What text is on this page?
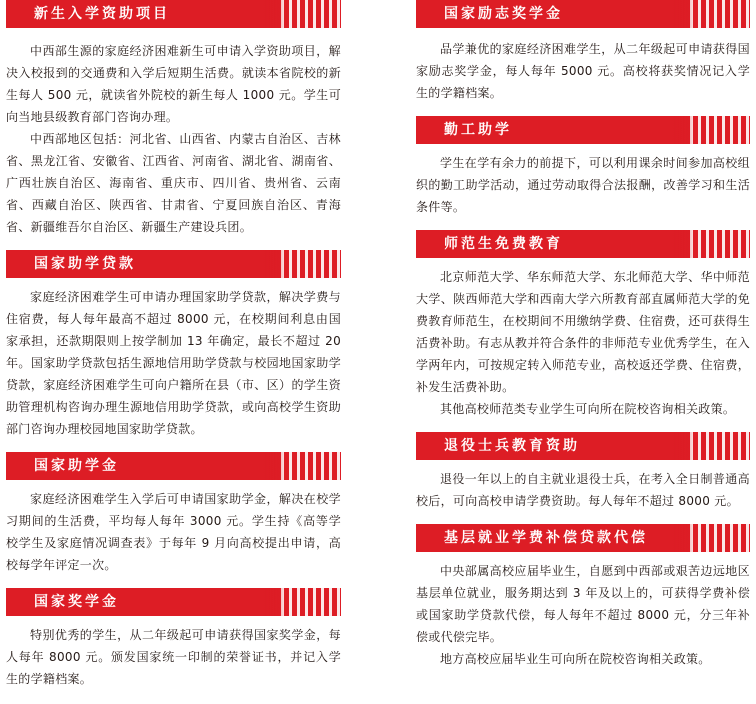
新生入学资助项目

中西部生源的家庭经济困难新生可申请入学资助项目，解决入校报到的交通费和入学后短期生活费。就读本省院校的新生每人 500 元，就读省外院校的新生每人 1000 元。学生可向当地县级教育部门咨询办理。

中西部地区包括：河北省、山西省、内蒙古自治区、吉林省、黑龙江省、安徽省、江西省、河南省、湖北省、湖南省、广西壮族自治区、海南省、重庆市、四川省、贵州省、云南省、西藏自治区、陕西省、甘肃省、宁夏回族自治区、青海省、新疆维吾尔自治区、新疆生产建设兵团。

国家助学贷款

家庭经济困难学生可申请办理国家助学贷款，解决学费与住宿费，每人每年最高不超过 8000 元，在校期间利息由国家承担，还款期限则上按学制加 13 年确定，最长不超过 20 年。国家助学贷款包括生源地信用助学贷款与校园地国家助学贷款，家庭经济困难学生可向户籍所在县（市、区）的学生资助管理机构咨询办理生源地信用助学贷款，或向高校学生资助部门咨询办理校园地国家助学贷款。

国家助学金

家庭经济困难学生入学后可申请国家助学金，解决在校学习期间的生活费，平均每人每年 3000 元。学生持《高等学校学生及家庭情况调查表》于每年 9 月向高校提出申请，高校每学年评定一次。

国家奖学金

特别优秀的学生，从二年级起可申请获得国家奖学金，每人每年 8000 元。颁发国家统一印制的荣誉证书，并记入学生的学籍档案。

国家励志奖学金

品学兼优的家庭经济困难学生，从二年级起可申请获得国家励志奖学金，每人每年 5000 元。高校将获奖情况记入学生的学籍档案。

勤工助学

学生在学有余力的前提下，可以利用课余时间参加高校组织的勤工助学活动，通过劳动取得合法报酬，改善学习和生活条件等。

师范生免费教育

北京师范大学、华东师范大学、东北师范大学、华中师范大学、陕西师范大学和西南大学六所教育部直属师范大学的免费教育师范生，在校期间不用缴纳学费、住宿费，还可获得生活费补助。有志从教并符合条件的非师范专业优秀学生，在入学两年内，可按规定转入师范专业，高校返还学费、住宿费，补发生活费补助。

其他高校师范类专业学生可向所在院校咨询相关政策。

退役士兵教育资助

退役一年以上的自主就业退役士兵，在考入全日制普通高校后，可向高校申请学费资助。每人每年不超过 8000 元。

基层就业学费补偿贷款代偿

中央部属高校应届毕业生，自愿到中西部或艰苦边远地区基层单位就业，服务期达到 3 年及以上的，可获得学费补偿或国家助学贷款代偿，每人每年不超过 8000 元，分三年补偿或代偿完毕。

地方高校应届毕业生可向所在院校咨询相关政策。
